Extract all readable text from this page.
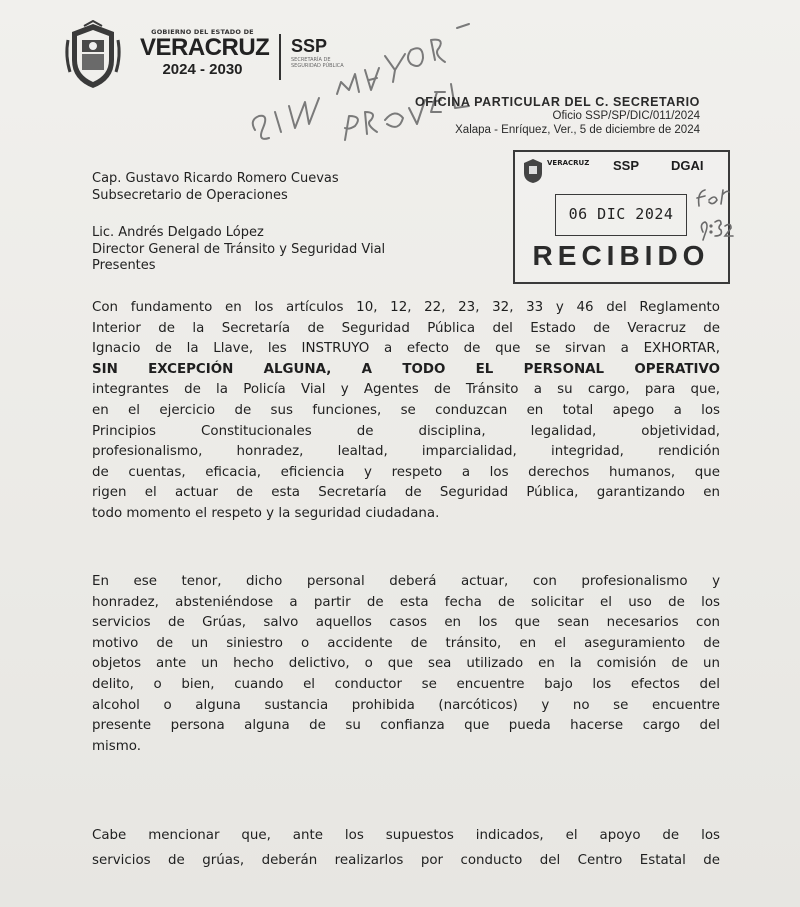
GOBIERNO DEL ESTADO DE
VERACRUZ
2024 - 2030
SSP
SECRETARÍA DE SEGURIDAD PÚBLICA
OFICINA PARTICULAR DEL C. SECRETARIO
Oficio SSP/SP/DIC/011/2024
Xalapa - Enríquez, Ver., 5 de diciembre de 2024
VERACRUZ SSP DGAI
06 DIC 2024
RECIBIDO
Cap. Gustavo Ricardo Romero Cuevas
Subsecretario de Operaciones
Lic. Andrés Delgado López
Director General de Tránsito y Seguridad Vial
Presentes
Con fundamento en los artículos 10, 12, 22, 23, 32, 33 y 46 del Reglamento
Interior de la Secretaría de Seguridad Pública del Estado de Veracruz de
Ignacio de la Llave, les INSTRUYO a efecto de que se sirvan a EXHORTAR,
SIN EXCEPCIÓN ALGUNA, A TODO EL PERSONAL OPERATIVO
integrantes de la Policía Vial y Agentes de Tránsito a su cargo, para que,
en el ejercicio de sus funciones, se conduzcan en total apego a los
Principios Constitucionales de disciplina, legalidad, objetividad,
profesionalismo, honradez, lealtad, imparcialidad, integridad, rendición
de cuentas, eficacia, eficiencia y respeto a los derechos humanos, que
rigen el actuar de esta Secretaría de Seguridad Pública, garantizando en
todo momento el respeto y la seguridad ciudadana.
En ese tenor, dicho personal deberá actuar, con profesionalismo y
honradez, absteniéndose a partir de esta fecha de solicitar el uso de los
servicios de Grúas, salvo aquellos casos en los que sean necesarios con
motivo de un siniestro o accidente de tránsito, en el aseguramiento de
objetos ante un hecho delictivo, o que sea utilizado en la comisión de un
delito, o bien, cuando el conductor se encuentre bajo los efectos del
alcohol o alguna sustancia prohibida (narcóticos) y no se encuentre
presente persona alguna de su confianza que pueda hacerse cargo del
mismo.
Cabe mencionar que, ante los supuestos indicados, el apoyo de los
servicios de grúas, deberán realizarlos por conducto del Centro Estatal de
